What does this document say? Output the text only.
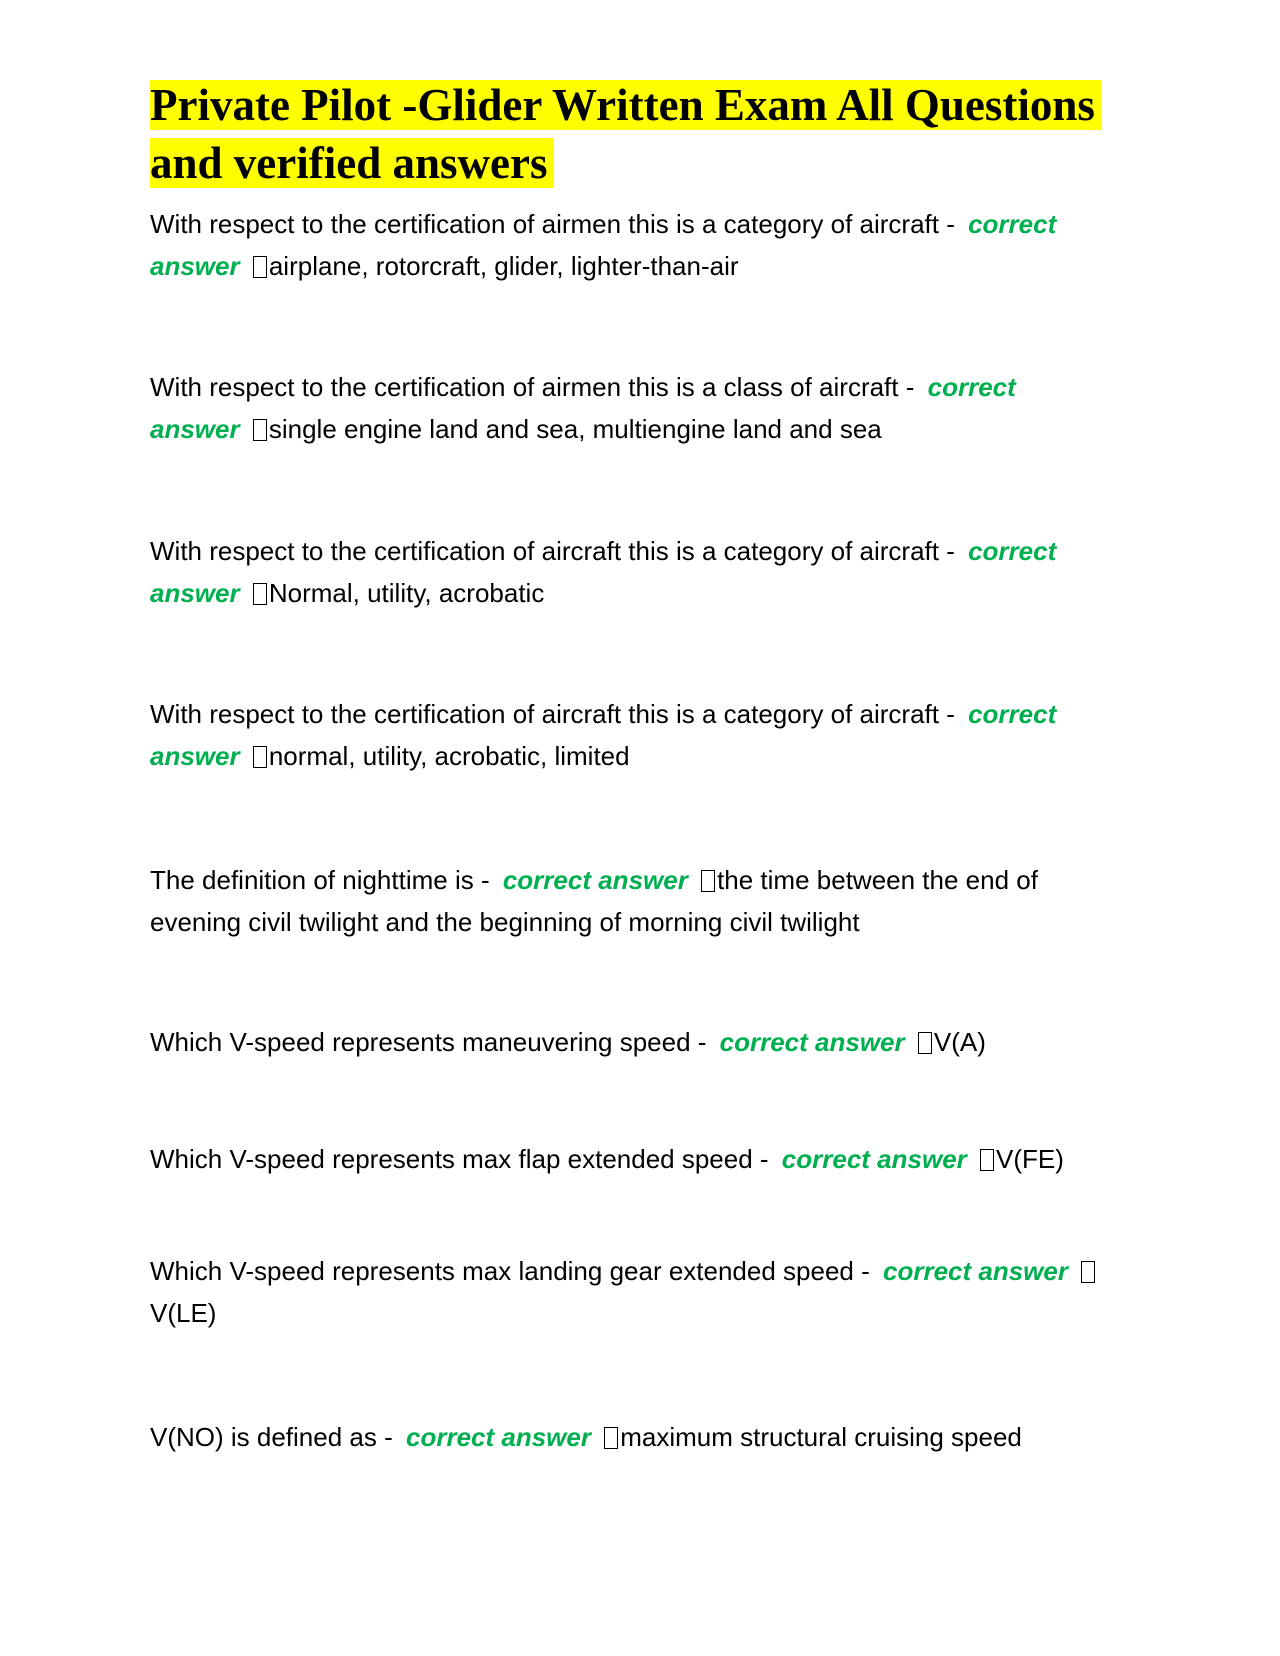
Private Pilot -Glider Written Exam All Questions and verified answers

With respect to the certification of airmen this is a category of aircraft - correct answer airplane, rotorcraft, glider, lighter-than-air

With respect to the certification of airmen this is a class of aircraft - correct answer single engine land and sea, multiengine land and sea

With respect to the certification of aircraft this is a category of aircraft - correct answer Normal, utility, acrobatic

With respect to the certification of aircraft this is a category of aircraft - correct answer normal, utility, acrobatic, limited

The definition of nighttime is - correct answer the time between the end of evening civil twilight and the beginning of morning civil twilight

Which V-speed represents maneuvering speed - correct answer V(A)

Which V-speed represents max flap extended speed - correct answer V(FE)

Which V-speed represents max landing gear extended speed - correct answer V(LE)

V(NO) is defined as - correct answer maximum structural cruising speed
